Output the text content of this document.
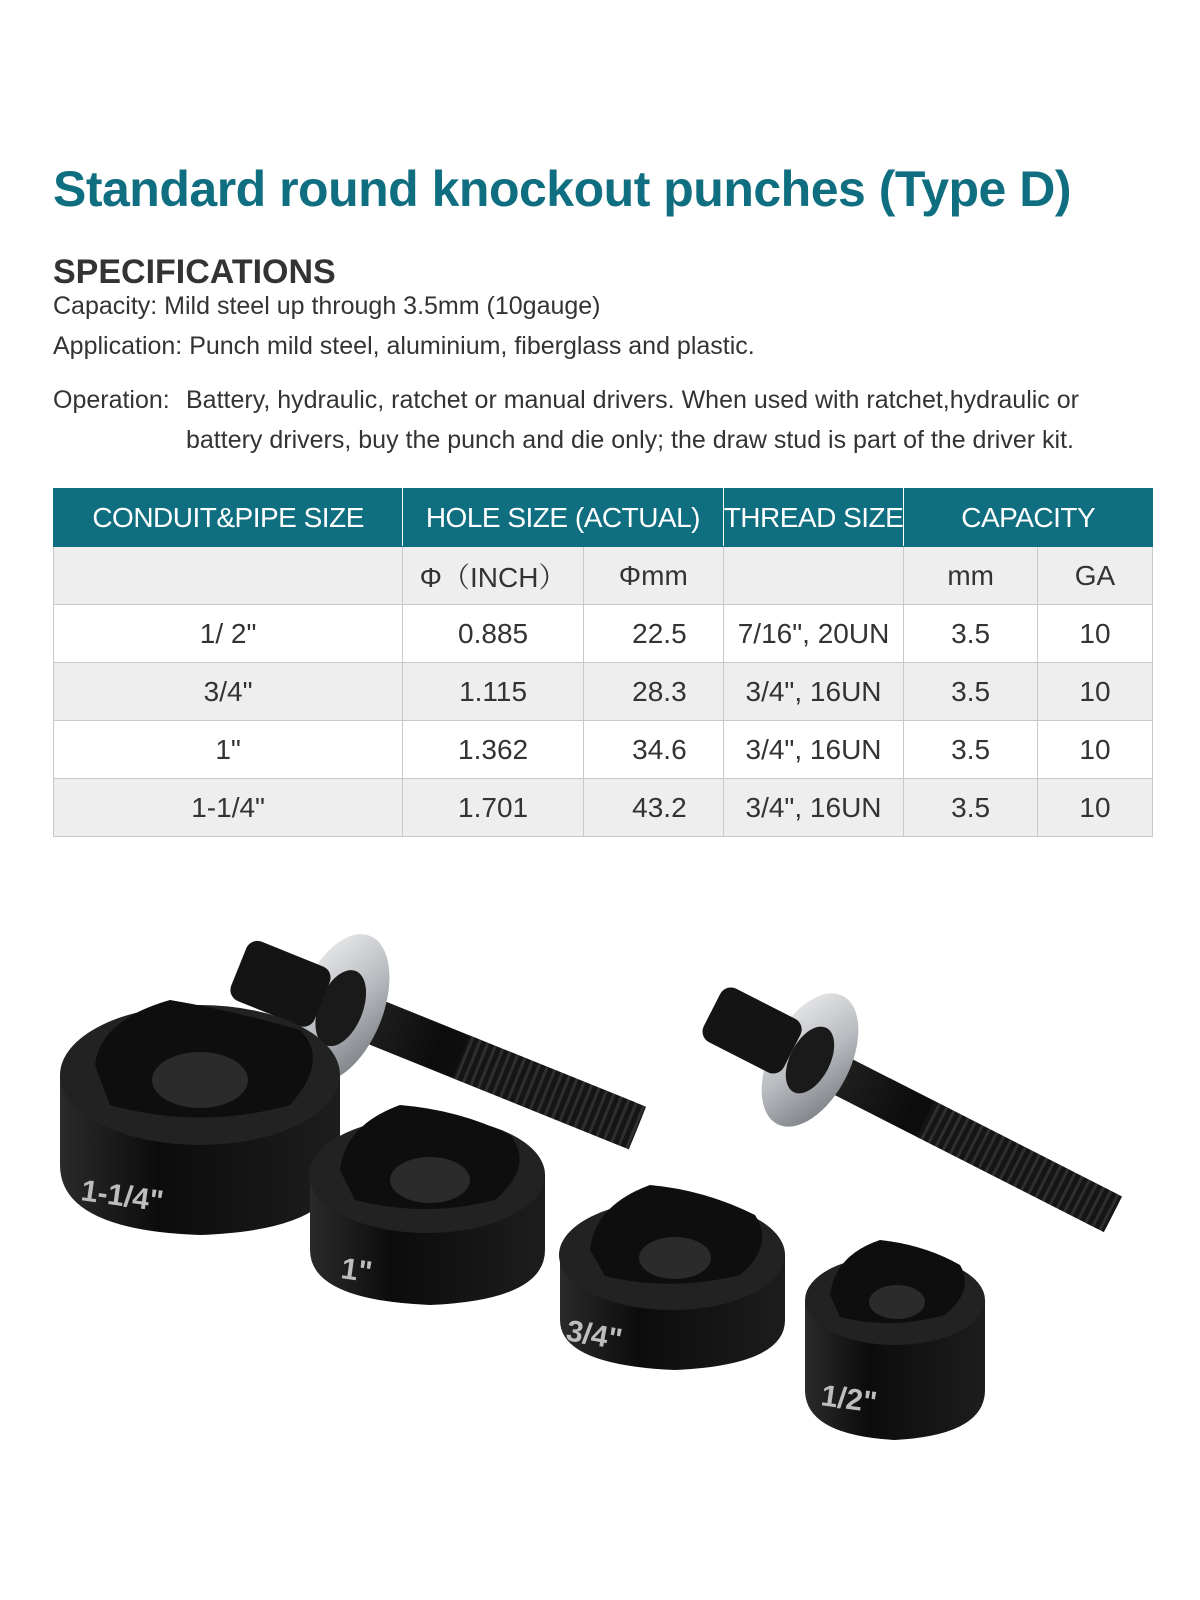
Standard round knockout punches (Type D)
SPECIFICATIONS
Capacity: Mild steel up through 3.5mm (10gauge)
Application: Punch mild steel, aluminium, fiberglass and plastic.
Operation: Battery, hydraulic, ratchet or manual drivers. When used with ratchet,hydraulic or battery drivers, buy the punch and die only; the draw stud is part of the driver kit.
CONDUIT&PIPE SIZE	HOLE SIZE (ACTUAL)		THREAD SIZE	CAPACITY	
	Φ（INCH）	Φmm		mm	GA
1/ 2"	0.885	22.5	7/16", 20UN	3.5	10
3/4"	1.115	28.3	3/4", 16UN	3.5	10
1"	1.362	34.6	3/4", 16UN	3.5	10
1-1/4"	1.701	43.2	3/4", 16UN	3.5	10
1-1/4"
1"
3/4"
1/2"
